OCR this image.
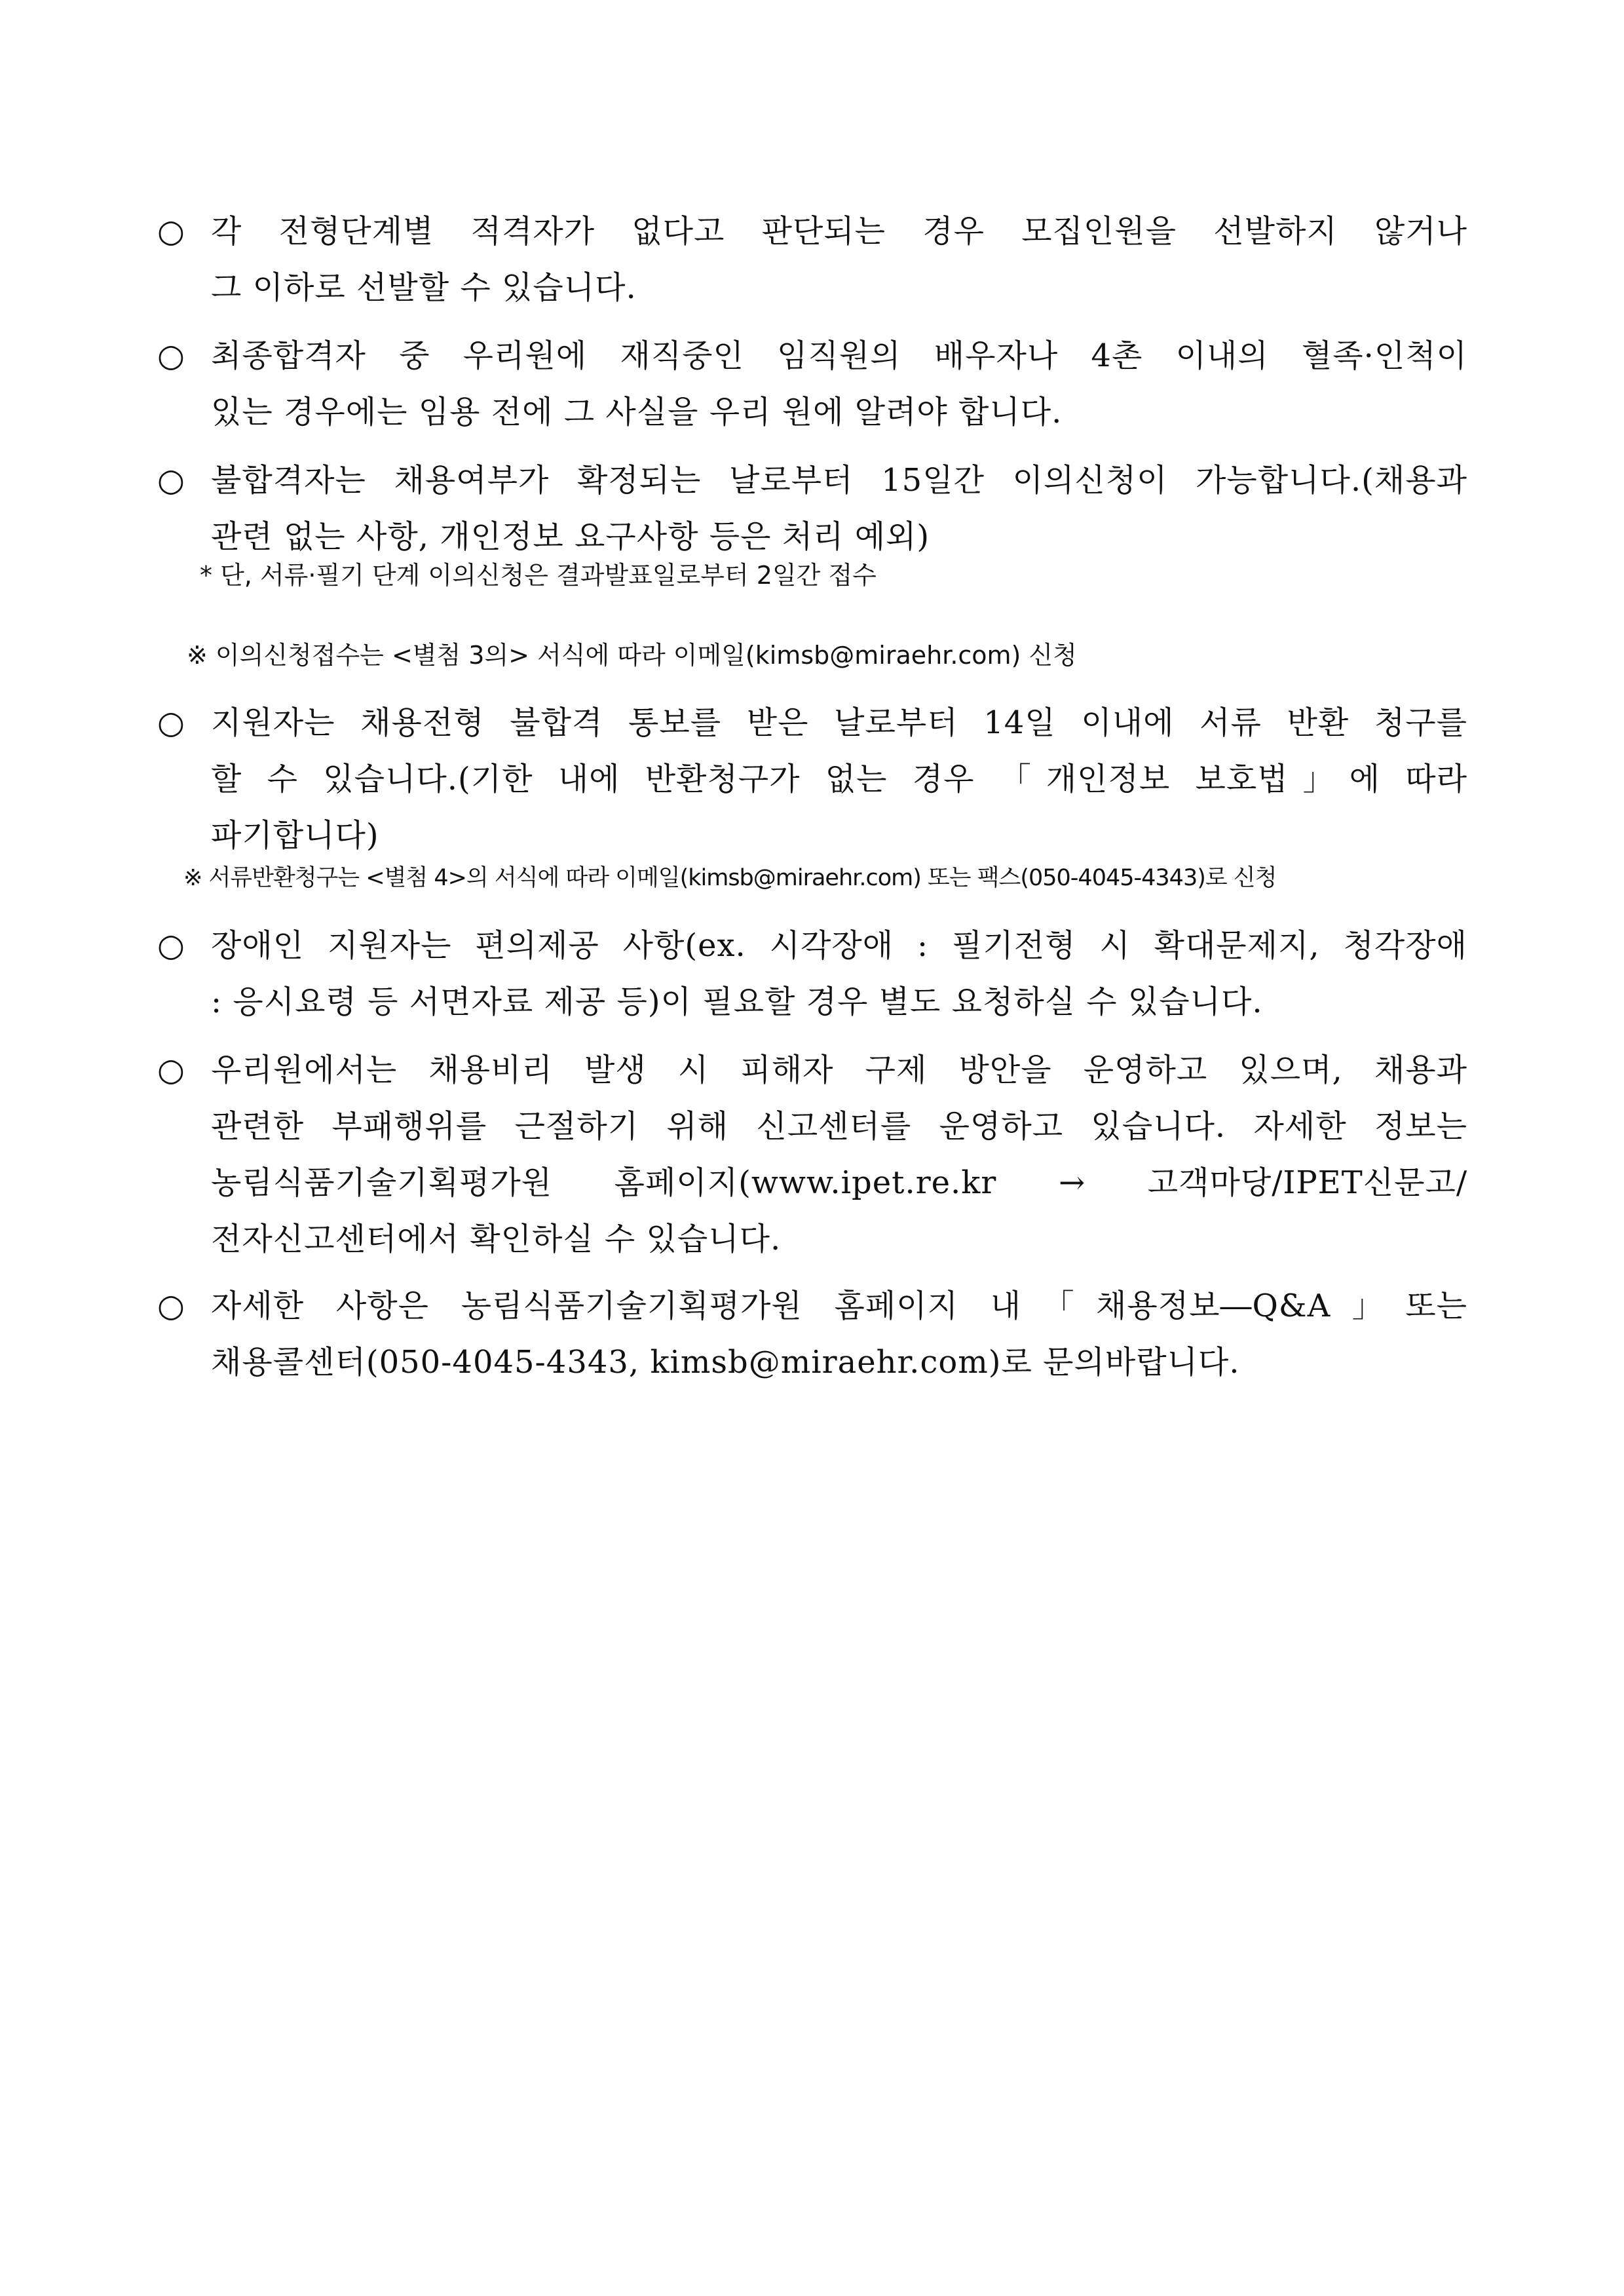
○ 각 전형단계별 적격자가 없다고 판단되는 경우 모집인원을 선발하지 않거나
그 이하로 선발할 수 있습니다.
○ 최종합격자 중 우리원에 재직중인 임직원의 배우자나 4촌 이내의 혈족·인척이
있는 경우에는 임용 전에 그 사실을 우리 원에 알려야 합니다.
○ 불합격자는 채용여부가 확정되는 날로부터 15일간 이의신청이 가능합니다.(채용과
관련 없는 사항, 개인정보 요구사항 등은 처리 예외)
* 단, 서류·필기 단계 이의신청은 결과발표일로부터 2일간 접수
※ 이의신청접수는 <별첨 3의> 서식에 따라 이메일(kimsb@miraehr.com) 신청
○ 지원자는 채용전형 불합격 통보를 받은 날로부터 14일 이내에 서류 반환 청구를
할 수 있습니다.(기한 내에 반환청구가 없는 경우 「개인정보 보호법」에 따라
파기합니다)
※ 서류반환청구는 <별첨 4>의 서식에 따라 이메일(kimsb@miraehr.com) 또는 팩스(050-4045-4343)로 신청
○ 장애인 지원자는 편의제공 사항(ex. 시각장애 : 필기전형 시 확대문제지, 청각장애
: 응시요령 등 서면자료 제공 등)이 필요할 경우 별도 요청하실 수 있습니다.
○ 우리원에서는 채용비리 발생 시 피해자 구제 방안을 운영하고 있으며, 채용과
관련한 부패행위를 근절하기 위해 신고센터를 운영하고 있습니다. 자세한 정보는
농림식품기술기획평가원 홈페이지(www.ipet.re.kr → 고객마당/IPET신문고/
전자신고센터에서 확인하실 수 있습니다.
○ 자세한 사항은 농림식품기술기획평가원 홈페이지 내「채용정보―Q&A」또는
채용콜센터(050-4045-4343, kimsb@miraehr.com)로 문의바랍니다.
